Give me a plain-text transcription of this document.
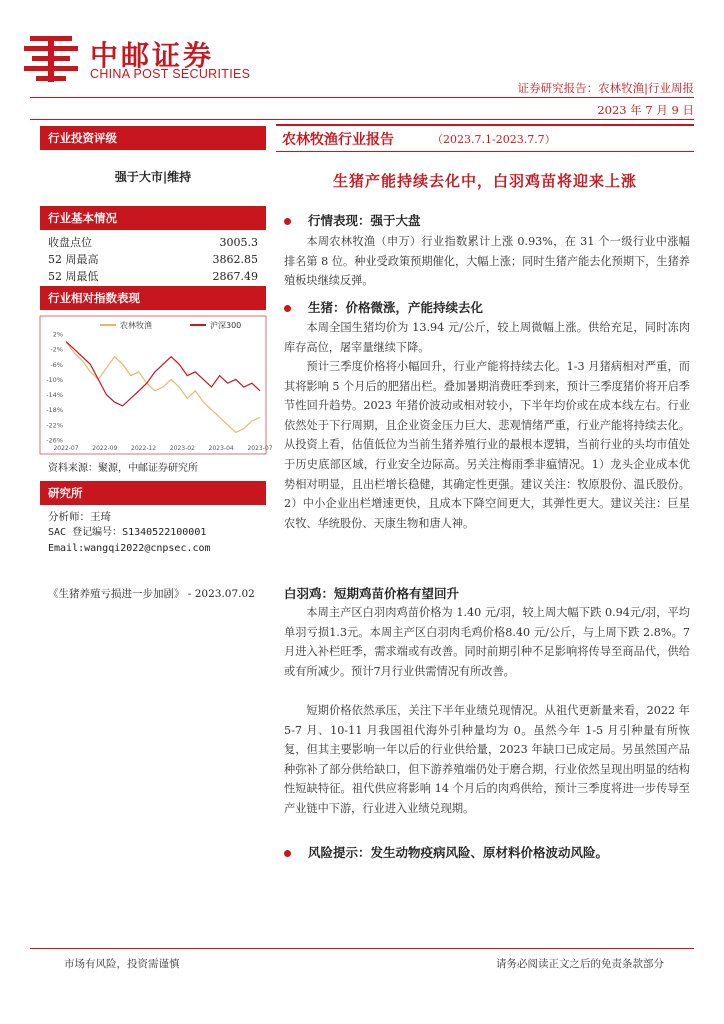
中邮证券
CHINA POST SECURITIES
证券研究报告：农林牧渔|行业周报
2023 年 7 月 9 日
行业投资评级
强于大市|维持
行业基本情况
收盘点位	3005.3
52 周最高	3862.85
52 周最低	2867.49
行业相对指数表现
农林牧渔	沪深300
2%
-2%
-6%
-10%
-14%
-18%
-22%
-26%
2022-07 2022-09 2022-12 2023-02 2023-04 2023-07
资料来源：聚源，中邮证券研究所
研究所
分析师：王琦
SAC 登记编号：S1340522100001
Email:wangqi2022@cnpsec.com
《生猪养殖亏损进一步加剧》 - 2023.07.02
农林牧渔行业报告	（2023.7.1-2023.7.7）
生猪产能持续去化中，白羽鸡苗将迎来上涨
行情表现：强于大盘
本周农林牧渔（申万）行业指数累计上涨 0.93%，在 31 个一级行业中涨幅排名第 8 位。种业受政策预期催化，大幅上涨；同时生猪产能去化预期下，生猪养殖板块继续反弹。
生猪：价格微涨，产能持续去化
本周全国生猪均价为 13.94 元/公斤，较上周微幅上涨。供给充足，同时冻肉库存高位，屠宰量继续下降。
预计三季度价格将小幅回升，行业产能将持续去化。1-3 月猪病相对严重，而其将影响 5 个月后的肥猪出栏。叠加暑期消费旺季到来，预计三季度猪价将开启季节性回升趋势。2023 年猪价波动或相对较小，下半年均价或在成本线左右。行业依然处于下行周期，且企业资金压力巨大、悲观情绪严重，行业产能将持续去化。从投资上看，估值低位为当前生猪养殖行业的最根本逻辑，当前行业的头均市值处于历史底部区域，行业安全边际高。另关注梅雨季非瘟情况。1）龙头企业成本优势相对明显，且出栏增长稳健，其确定性更强。建议关注：牧原股份、温氏股份。2）中小企业出栏增速更快，且成本下降空间更大，其弹性更大。建议关注：巨星农牧、华统股份、天康生物和唐人神。
白羽鸡：短期鸡苗价格有望回升
本周主产区白羽肉鸡苗价格为 1.40 元/羽，较上周大幅下跌 0.94元/羽，平均单羽亏损1.3元。本周主产区白羽肉毛鸡价格8.40 元/公斤，与上周下跌 2.8%。7 月进入补栏旺季，需求端或有改善。同时前期引种不足影响将传导至商品代，供给或有所减少。预计7月行业供需情况有所改善。
短期价格依然承压，关注下半年业绩兑现情况。从祖代更新量来看，2022 年 5-7 月、10-11 月我国祖代海外引种量均为 0。虽然今年 1-5 月引种量有所恢复，但其主要影响一年以后的行业供给量，2023 年缺口已成定局。另虽然国产品种弥补了部分供给缺口，但下游养殖端仍处于磨合期，行业依然呈现出明显的结构性短缺特征。祖代供应将影响 14 个月后的肉鸡供给，预计三季度将进一步传导至产业链中下游，行业进入业绩兑现期。
风险提示：发生动物疫病风险、原材料价格波动风险。
市场有风险，投资需谨慎	请务必阅读正文之后的免责条款部分
